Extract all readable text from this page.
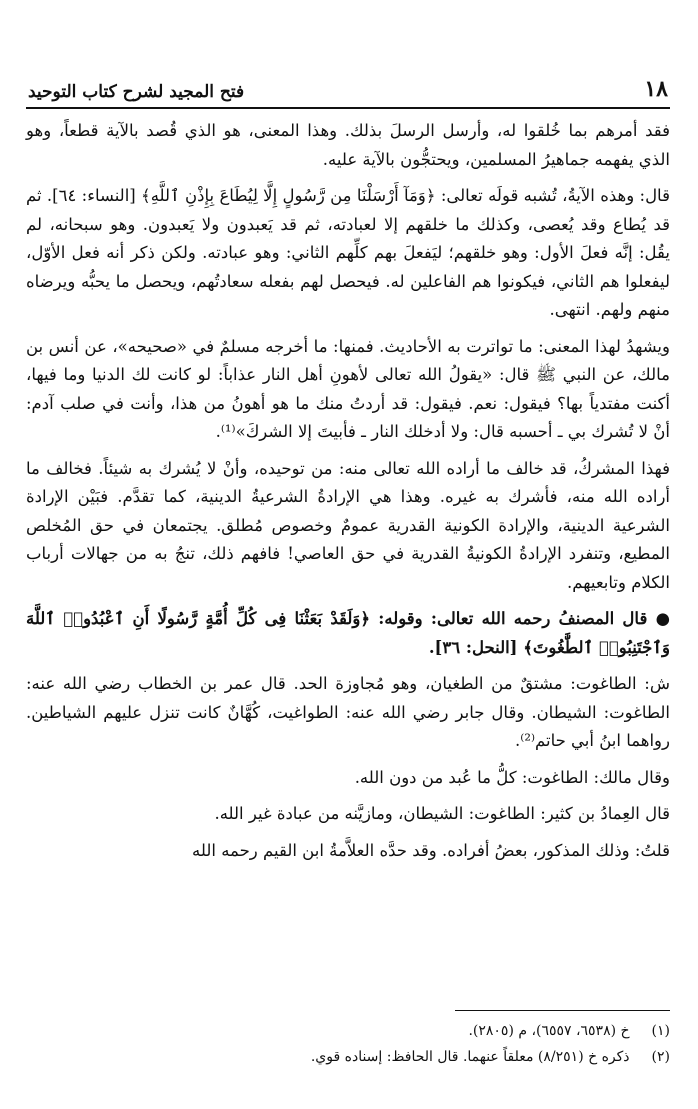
١٨
فتح المجيد لشرح كتاب التوحيد

فقد أمرهم بما خُلقوا له، وأرسل الرسلَ بذلك. وهذا المعنى، هو الذي قُصد بالآية قطعاً، وهو الذي يفهمه جماهيرُ المسلمين، ويحتجُّون بالآية عليه.

قال: وهذه الآيةُ، تُشبه قولَه تعالى: ﴿وَمَآ أَرْسَلْنَا مِن رَّسُولٍ إِلَّا لِيُطَاعَ بِإِذْنِ ٱللَّهِ﴾ [النساء: ٦٤]. ثم قد يُطاع وقد يُعصى، وكذلك ما خلقهم إلا لعبادته، ثم قد يَعبدون ولا يَعبدون. وهو سبحانه، لم يقُل: إنَّه فعلَ الأول: وهو خلقهم؛ ليَفعلَ بهم كلِّهم الثاني: وهو عبادته. ولكن ذكر أنه فعل الأوّل، ليفعلوا هم الثاني، فيكونوا هم الفاعلين له. فيحصل لهم بفعله سعادتُهم، ويحصل ما يحبُّه ويرضاه منهم ولهم. انتهى.

ويشهدُ لهذا المعنى: ما تواترت به الأحاديث. فمنها: ما أخرجه مسلمٌ في «صحيحه»، عن أنس بن مالك، عن النبي ﷺ قال: «يقولُ الله تعالى لأهونِ أهل النار عذاباً: لو كانت لك الدنيا وما فيها، أكنت مفتدياً بها؟ فيقول: نعم. فيقول: قد أردتُ منك ما هو أهونُ من هذا، وأنت في صلب آدم: أنْ لا تُشرك بي ـ أحسبه قال: ولا أدخلك النار ـ فأبيتَ إلا الشركَ»⁽¹⁾.

فهذا المشركُ، قد خالف ما أراده الله تعالى منه: من توحيده، وأنْ لا يُشرك به شيئاً. فخالف ما أراده الله منه، فأشرك به غيره. وهذا هي الإرادةُ الشرعيةُ الدينية، كما تقدَّم. فبَيْن الإرادة الشرعية الدينية، والإرادة الكونية القدرية عمومٌ وخصوص مُطلق. يجتمعان في حق المُخلص المطيع، وتنفرد الإرادةُ الكونيةُ القدرية في حق العاصي! فافهم ذلك، تنجُ به من جهالات أرباب الكلام وتابعيهم.

● قال المصنفُ رحمه الله تعالى: وقوله: ﴿وَلَقَدْ بَعَثْنَا فِى كُلِّ أُمَّةٍ رَّسُولًا أَنِ ٱعْبُدُوا۟ ٱللَّهَ وَٱجْتَنِبُوا۟ ٱلطَّٰغُوتَ﴾ [النحل: ٣٦].

ش: الطاغوت: مشتقٌ من الطغيان، وهو مُجاوزة الحد. قال عمر بن الخطاب رضي الله عنه: الطاغوت: الشيطان. وقال جابر رضي الله عنه: الطواغيت، كُهَّانٌ كانت تنزل عليهم الشياطين. رواهما ابنُ أبي حاتم⁽²⁾.

وقال مالك: الطاغوت: كلُّ ما عُبد من دون الله.

قال العِمادُ بن كثير: الطاغوت: الشيطان، ومازيَّنه من عبادة غير الله.

قلتُ: وذلك المذكور، بعضُ أفراده. وقد حدَّه العلاَّمةُ ابن القيم رحمه الله

(١) خ (٦٥٣٨، ٦٥٥٧)، م (٢٨٠٥).
(٢) ذكره خ (٨/٢٥١) معلقاً عنهما. قال الحافظ: إسناده قوي.
